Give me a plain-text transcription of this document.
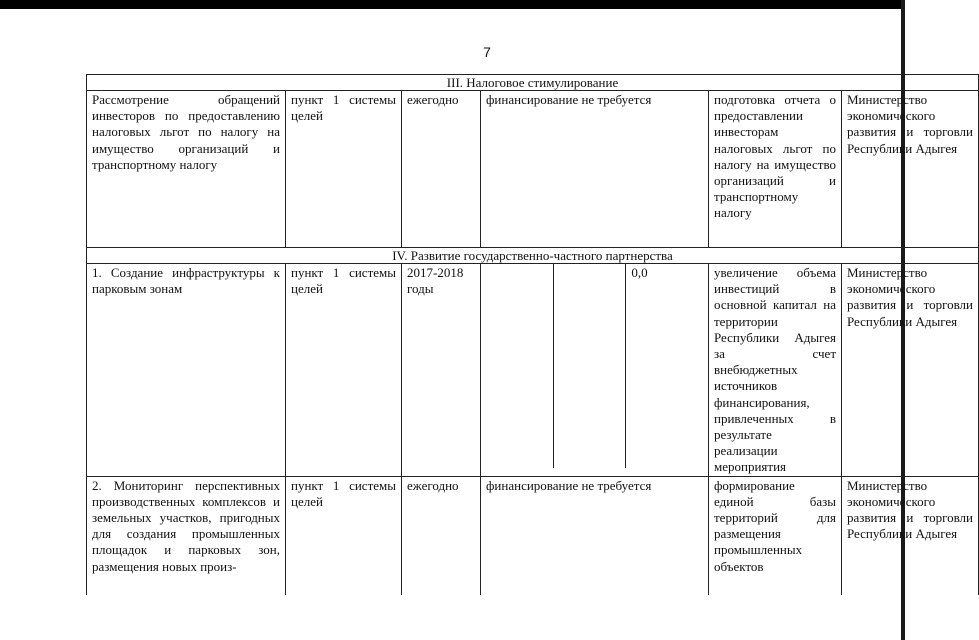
7
III. Налоговое стимулирование					
Рассмотрение обращений инвесторов по предоставлению налоговых льгот по налогу на имущество организаций и транспортному налогу	пункт 1 системы целей	ежегодно	финансирование не требуется	подготовка отчета о предоставлении инвесторам налоговых льгот по налогу на имущество организаций и транспортному налогу	Министерство экономического развития и торговли Республики Адыгея
IV. Развитие государственно-частного партнерства					
1. Создание инфраструктуры к парковым зонам	пункт 1 системы целей	2017-2018 годы	0,0	увеличение объема инвестиций в основной капитал на территории Республики Адыгея за счет внебюджетных источников финансирования, привлеченных в результате реализации мероприятия	Министерство экономического развития и торговли Республики Адыгея
2. Мониторинг перспективных производственных комплексов и земельных участков, пригодных для создания промышленных площадок и парковых зон, размещения новых произ-	пункт 1 системы целей	ежегодно	финансирование не требуется	формирование единой базы территорий для размещения промышленных объектов	Министерство экономического развития и торговли Республики Адыгея
